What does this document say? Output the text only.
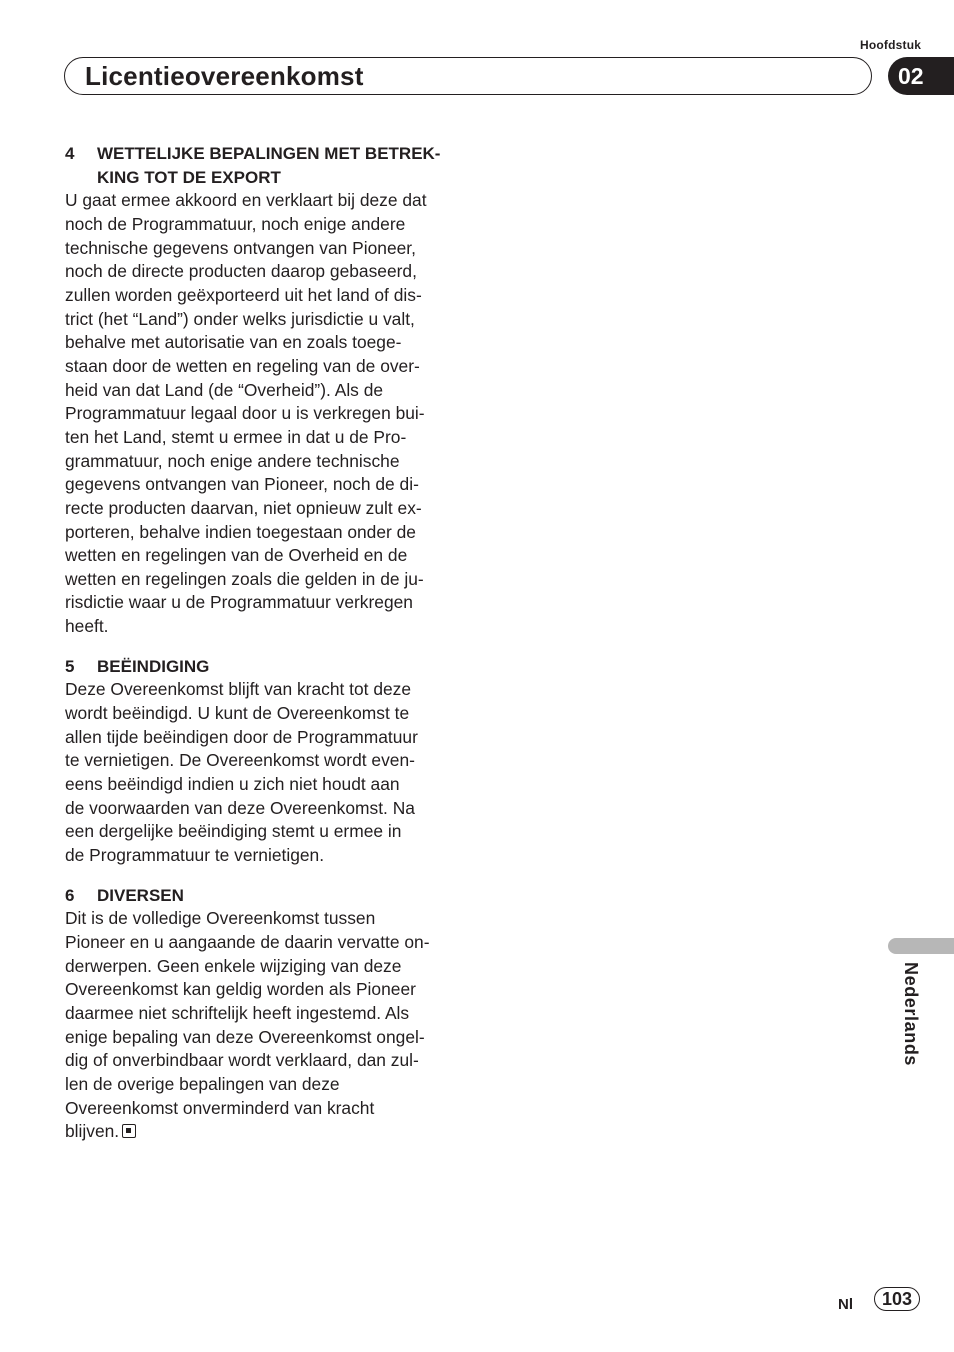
Hoofdstuk
Licentieovereenkomst	02
4	WETTELIJKE BEPALINGEN MET BETREK-
KING TOT DE EXPORT
U gaat ermee akkoord en verklaart bij deze dat
noch de Programmatuur, noch enige andere
technische gegevens ontvangen van Pioneer,
noch de directe producten daarop gebaseerd,
zullen worden geëxporteerd uit het land of dis-
trict (het “Land”) onder welks jurisdictie u valt,
behalve met autorisatie van en zoals toege-
staan door de wetten en regeling van de over-
heid van dat Land (de “Overheid”). Als de
Programmatuur legaal door u is verkregen bui-
ten het Land, stemt u ermee in dat u de Pro-
grammatuur, noch enige andere technische
gegevens ontvangen van Pioneer, noch de di-
recte producten daarvan, niet opnieuw zult ex-
porteren, behalve indien toegestaan onder de
wetten en regelingen van de Overheid en de
wetten en regelingen zoals die gelden in de ju-
risdictie waar u de Programmatuur verkregen
heeft.
5	BEËINDIGING
Deze Overeenkomst blijft van kracht tot deze
wordt beëindigd. U kunt de Overeenkomst te
allen tijde beëindigen door de Programmatuur
te vernietigen. De Overeenkomst wordt even-
eens beëindigd indien u zich niet houdt aan
de voorwaarden van deze Overeenkomst. Na
een dergelijke beëindiging stemt u ermee in
de Programmatuur te vernietigen.
6	DIVERSEN
Dit is de volledige Overeenkomst tussen
Pioneer en u aangaande de daarin vervatte on-
derwerpen. Geen enkele wijziging van deze
Overeenkomst kan geldig worden als Pioneer
daarmee niet schriftelijk heeft ingestemd. Als
enige bepaling van deze Overeenkomst ongel-
dig of onverbindbaar wordt verklaard, dan zul-
len de overige bepalingen van deze
Overeenkomst onverminderd van kracht
blijven.
Nederlands
Nl	103
